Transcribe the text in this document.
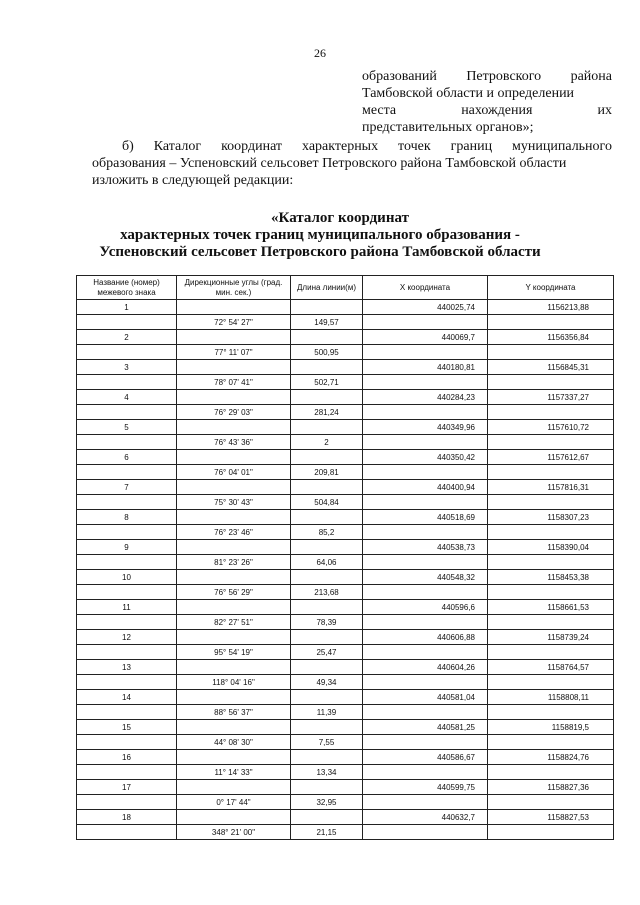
26
образований Петровского района
Тамбовской области и определении
места	нахождения	их
представительных органов»;
б) Каталог координат характерных точек границ муниципального
образования – Успеновский сельсовет Петровского района Тамбовской области
изложить в следующей редакции:
«Каталог координат
характерных точек границ муниципального образования -
Успеновский сельсовет Петровского района Тамбовской области
Название (номер) межевого знака	Дирекционные углы (град. мин. сек.)	Длина линии(м)	X координата	Y координата
1			440025,74	1156213,88
	72° 54' 27"	149,57		
2			440069,7	1156356,84
	77° 11' 07"	500,95		
3			440180,81	1156845,31
	78° 07' 41"	502,71		
4			440284,23	1157337,27
	76° 29' 03"	281,24		
5			440349,96	1157610,72
	76° 43' 36"	2		
6			440350,42	1157612,67
	76° 04' 01"	209,81		
7			440400,94	1157816,31
	75° 30' 43"	504,84		
8			440518,69	1158307,23
	76° 23' 46"	85,2		
9			440538,73	1158390,04
	81° 23' 26"	64,06		
10			440548,32	1158453,38
	76° 56' 29"	213,68		
11			440596,6	1158661,53
	82° 27' 51"	78,39		
12			440606,88	1158739,24
	95° 54' 19"	25,47		
13			440604,26	1158764,57
	118° 04' 16"	49,34		
14			440581,04	1158808,11
	88° 56' 37"	11,39		
15			440581,25	1158819,5
	44° 08' 30"	7,55		
16			440586,67	1158824,76
	11° 14' 33"	13,34		
17			440599,75	1158827,36
	0° 17' 44"	32,95		
18			440632,7	1158827,53
	348° 21' 00"	21,15		
